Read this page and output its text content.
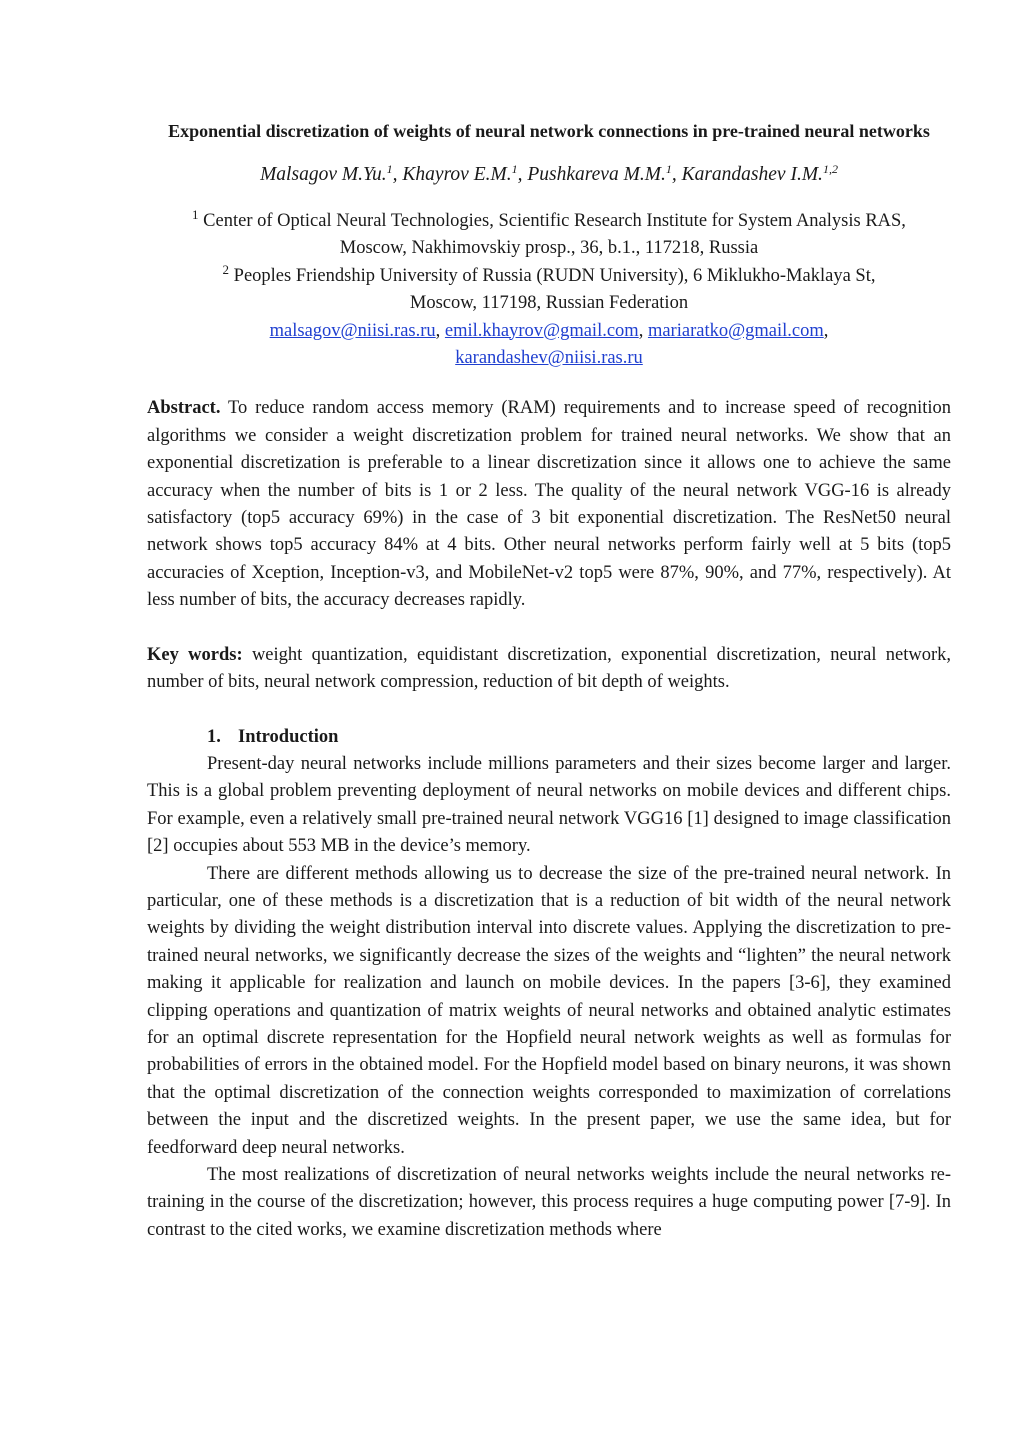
Exponential discretization of weights of neural network connections in pre-trained neural networks
Malsagov M.Yu.$^1$, Khayrov E.M.$^1$, Pushkareva M.M.$^1$, Karandashev I.M.$^{1,2}$
$^1$ Center of Optical Neural Technologies, Scientific Research Institute for System Analysis RAS,
Moscow, Nakhimovskiy prosp., 36, b.1., 117218, Russia
$^2$ Peoples Friendship University of Russia (RUDN University), 6 Miklukho-Maklaya St,
Moscow, 117198, Russian Federation
malsagov@niisi.ras.ru, emil.khayrov@gmail.com, mariaratko@gmail.com,
karandashev@niisi.ras.ru

Abstract. To reduce random access memory (RAM) requirements and to increase speed of recognition algorithms we consider a weight discretization problem for trained neural networks. We show that an exponential discretization is preferable to a linear discretization since it allows one to achieve the same accuracy when the number of bits is 1 or 2 less. The quality of the neural network VGG-16 is already satisfactory (top5 accuracy 69%) in the case of 3 bit exponential discretization. The ResNet50 neural network shows top5 accuracy 84% at 4 bits. Other neural networks perform fairly well at 5 bits (top5 accuracies of Xception, Inception-v3, and MobileNet-v2 top5 were 87%, 90%, and 77%, respectively). At less number of bits, the accuracy decreases rapidly.

Key words: weight quantization, equidistant discretization, exponential discretization, neural network, number of bits, neural network compression, reduction of bit depth of weights.

1. Introduction

Present-day neural networks include millions parameters and their sizes become larger and larger. This is a global problem preventing deployment of neural networks on mobile devices and different chips. For example, even a relatively small pre-trained neural network VGG16 [1] designed to image classification [2] occupies about 553 MB in the device’s memory.

There are different methods allowing us to decrease the size of the pre-trained neural network. In particular, one of these methods is a discretization that is a reduction of bit width of the neural network weights by dividing the weight distribution interval into discrete values. Applying the discretization to pre-trained neural networks, we significantly decrease the sizes of the weights and “lighten” the neural network making it applicable for realization and launch on mobile devices. In the papers [3-6], they examined clipping operations and quantization of matrix weights of neural networks and obtained analytic estimates for an optimal discrete representation for the Hopfield neural network weights as well as formulas for probabilities of errors in the obtained model. For the Hopfield model based on binary neurons, it was shown that the optimal discretization of the connection weights corresponded to maximization of correlations between the input and the discretized weights. In the present paper, we use the same idea, but for feedforward deep neural networks.

The most realizations of discretization of neural networks weights include the neural networks re-training in the course of the discretization; however, this process requires a huge computing power [7-9]. In contrast to the cited works, we examine discretization methods where
